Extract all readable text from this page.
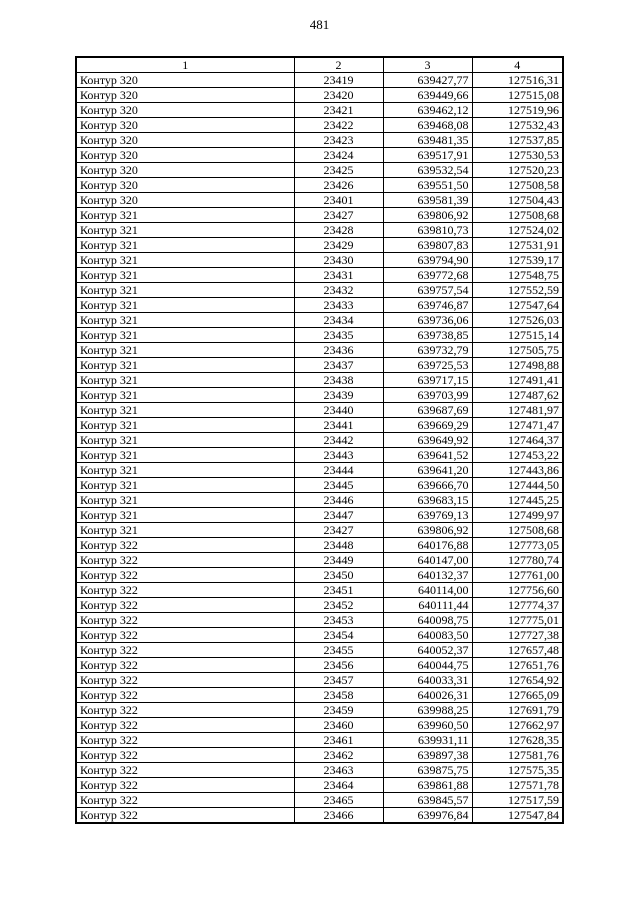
481
1	2	3	4
Контур 320	23419	639427,77	127516,31
Контур 320	23420	639449,66	127515,08
Контур 320	23421	639462,12	127519,96
Контур 320	23422	639468,08	127532,43
Контур 320	23423	639481,35	127537,85
Контур 320	23424	639517,91	127530,53
Контур 320	23425	639532,54	127520,23
Контур 320	23426	639551,50	127508,58
Контур 320	23401	639581,39	127504,43
Контур 321	23427	639806,92	127508,68
Контур 321	23428	639810,73	127524,02
Контур 321	23429	639807,83	127531,91
Контур 321	23430	639794,90	127539,17
Контур 321	23431	639772,68	127548,75
Контур 321	23432	639757,54	127552,59
Контур 321	23433	639746,87	127547,64
Контур 321	23434	639736,06	127526,03
Контур 321	23435	639738,85	127515,14
Контур 321	23436	639732,79	127505,75
Контур 321	23437	639725,53	127498,88
Контур 321	23438	639717,15	127491,41
Контур 321	23439	639703,99	127487,62
Контур 321	23440	639687,69	127481,97
Контур 321	23441	639669,29	127471,47
Контур 321	23442	639649,92	127464,37
Контур 321	23443	639641,52	127453,22
Контур 321	23444	639641,20	127443,86
Контур 321	23445	639666,70	127444,50
Контур 321	23446	639683,15	127445,25
Контур 321	23447	639769,13	127499,97
Контур 321	23427	639806,92	127508,68
Контур 322	23448	640176,88	127773,05
Контур 322	23449	640147,00	127780,74
Контур 322	23450	640132,37	127761,00
Контур 322	23451	640114,00	127756,60
Контур 322	23452	640111,44	127774,37
Контур 322	23453	640098,75	127775,01
Контур 322	23454	640083,50	127727,38
Контур 322	23455	640052,37	127657,48
Контур 322	23456	640044,75	127651,76
Контур 322	23457	640033,31	127654,92
Контур 322	23458	640026,31	127665,09
Контур 322	23459	639988,25	127691,79
Контур 322	23460	639960,50	127662,97
Контур 322	23461	639931,11	127628,35
Контур 322	23462	639897,38	127581,76
Контур 322	23463	639875,75	127575,35
Контур 322	23464	639861,88	127571,78
Контур 322	23465	639845,57	127517,59
Контур 322	23466	639976,84	127547,84
